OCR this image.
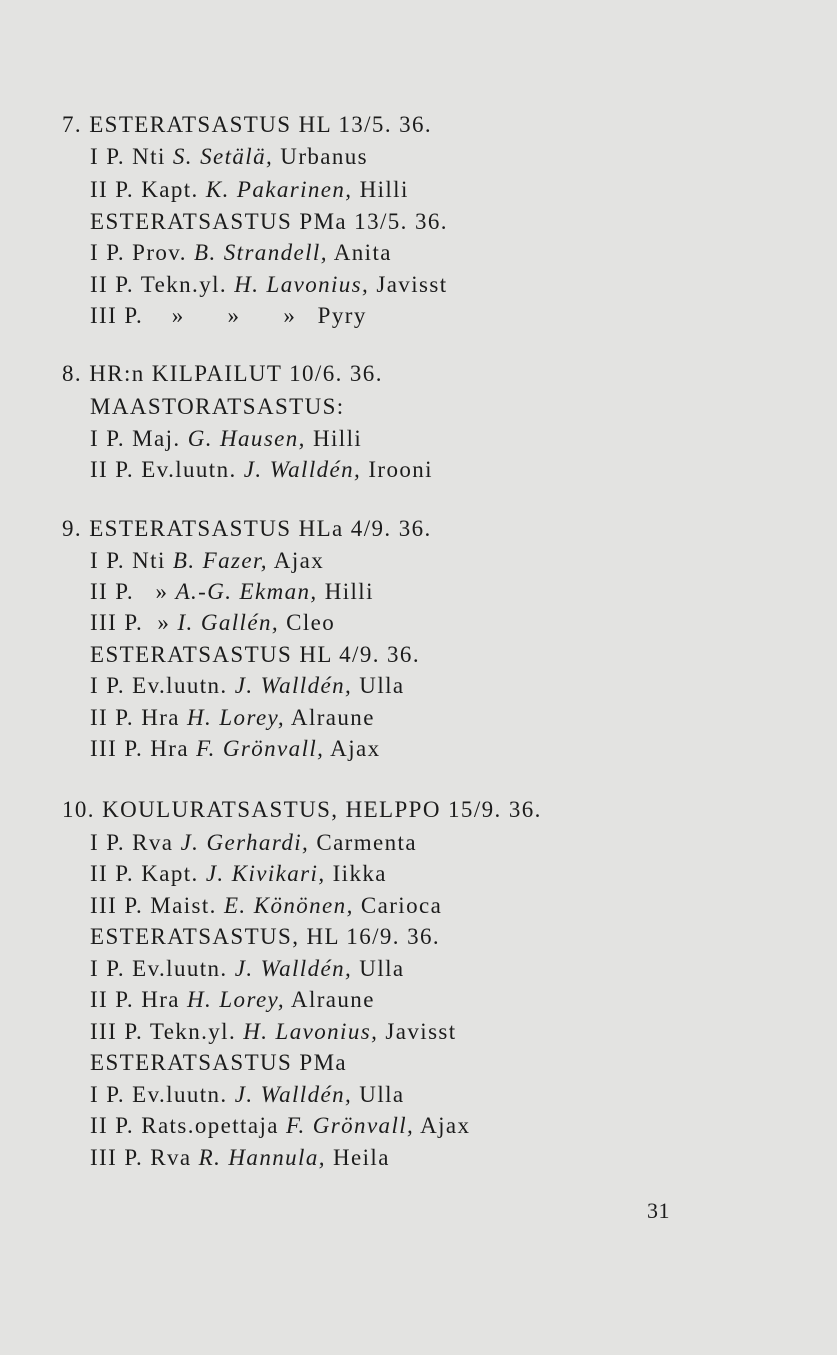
7. ESTERATSASTUS HL 13/5. 36.
I P. Nti S. Setälä, Urbanus
II P. Kapt. K. Pakarinen, Hilli
ESTERATSASTUS PMa 13/5. 36.
I P. Prov. B. Strandell, Anita
II P. Tekn.yl. H. Lavonius, Javisst
III P.    »      »      »   Pyry
8. HR:n KILPAILUT 10/6. 36.
MAASTORATSASTUS:
I P. Maj. G. Hausen, Hilli
II P. Ev.luutn. J. Walldén, Irooni
9. ESTERATSASTUS HLa 4/9. 36.
I P. Nti B. Fazer, Ajax
II P.   » A.-G. Ekman, Hilli
III P.  » I. Gallén, Cleo
ESTERATSASTUS HL 4/9. 36.
I P. Ev.luutn. J. Walldén, Ulla
II P. Hra H. Lorey, Alraune
III P. Hra F. Grönvall, Ajax
10. KOULURATSASTUS, HELPPO 15/9. 36.
I P. Rva J. Gerhardi, Carmenta
II P. Kapt. J. Kivikari, Iikka
III P. Maist. E. Könönen, Carioca
ESTERATSASTUS, HL 16/9. 36.
I P. Ev.luutn. J. Walldén, Ulla
II P. Hra H. Lorey, Alraune
III P. Tekn.yl. H. Lavonius, Javisst
ESTERATSASTUS PMa
I P. Ev.luutn. J. Walldén, Ulla
II P. Rats.opettaja F. Grönvall, Ajax
III P. Rva R. Hannula, Heila
31
